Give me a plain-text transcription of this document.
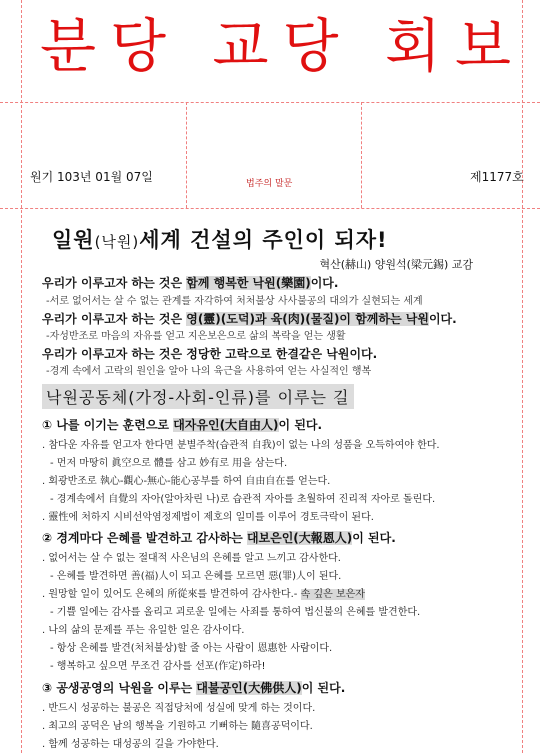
분당 교당 회보
원기 103년 01월 07일	법주의 말문	제1177호
일원(낙원)세계 건설의 주인이 되자!
혁산(赫山) 양원석(梁元錫) 교감
우리가 이루고자 하는 것은 함께 행복한 낙원(樂園)이다.
-서로 없어서는 살 수 없는 관계를 자각하여 처처불상 사사불공의 대의가 실현되는 세계
우리가 이루고자 하는 것은 영(靈)(도덕)과 육(肉)(물질)이 함께하는 낙원이다.
-자성반조로 마음의 자유를 얻고 지은보은으로 삶의 복락을 얻는 생활
우리가 이루고자 하는 것은 정당한 고락으로 한결같은 낙원이다.
-경계 속에서 고락의 원인을 알아 나의 육근을 사용하여 얻는 사실적인 행복
낙원공동체(가정-사회-인류)를 이루는 길
① 나를 이기는 훈련으로 대자유인(大自由人)이 된다.
. 참다운 자유를 얻고자 한다면 분별주착(습관적 自我)이 없는 나의 성품을 오득하여야 한다.
- 먼저 마땅히 眞空으로 體를 삼고 妙有로 用을 삼는다.
. 회광반조로 執心-觀心-無心-能心공부를 하여 自由自在를 얻는다.
- 경계속에서 自覺의 자아(알아차린 나)로 습관적 자아를 초월하여 진리적 자아로 돌린다.
. 靈性에 처하지 시비선악염정제법이 제호의 일미를 이루어 경토극락이 된다.
② 경계마다 은혜를 발견하고 감사하는 대보은인(大報恩人)이 된다.
. 없어서는 살 수 없는 절대적 사은님의 은혜를 알고 느끼고 감사한다.
- 은혜를 발견하면 善(福)人이 되고 은혜를 모르면 惡(罪)人이 된다.
. 원망할 일이 있어도 은혜의 所從來를 발견하여 감사한다.- 속 깊은 보은자
- 기쁠 일에는 감사를 올리고 괴로운 일에는 사죄를 통하여 법신불의 은혜를 발견한다.
. 나의 삶의 문제를 푸는 유일한 일은 감사이다.
- 항상 은혜를 발견(처처불상)할 줄 아는 사람이 恩惠한 사람이다.
- 행복하고 싶으면 무조건 감사를 선포(作定)하라!
③ 공생공영의 낙원을 이루는 대불공인(大佛供人)이 된다.
. 반드시 성공하는 불공은 직접당처에 성실에 맞게 하는 것이다.
. 최고의 공덕은 남의 행복을 기원하고 기뻐하는 隨喜공덕이다.
. 함께 성공하는 대성공의 길을 가야한다.
